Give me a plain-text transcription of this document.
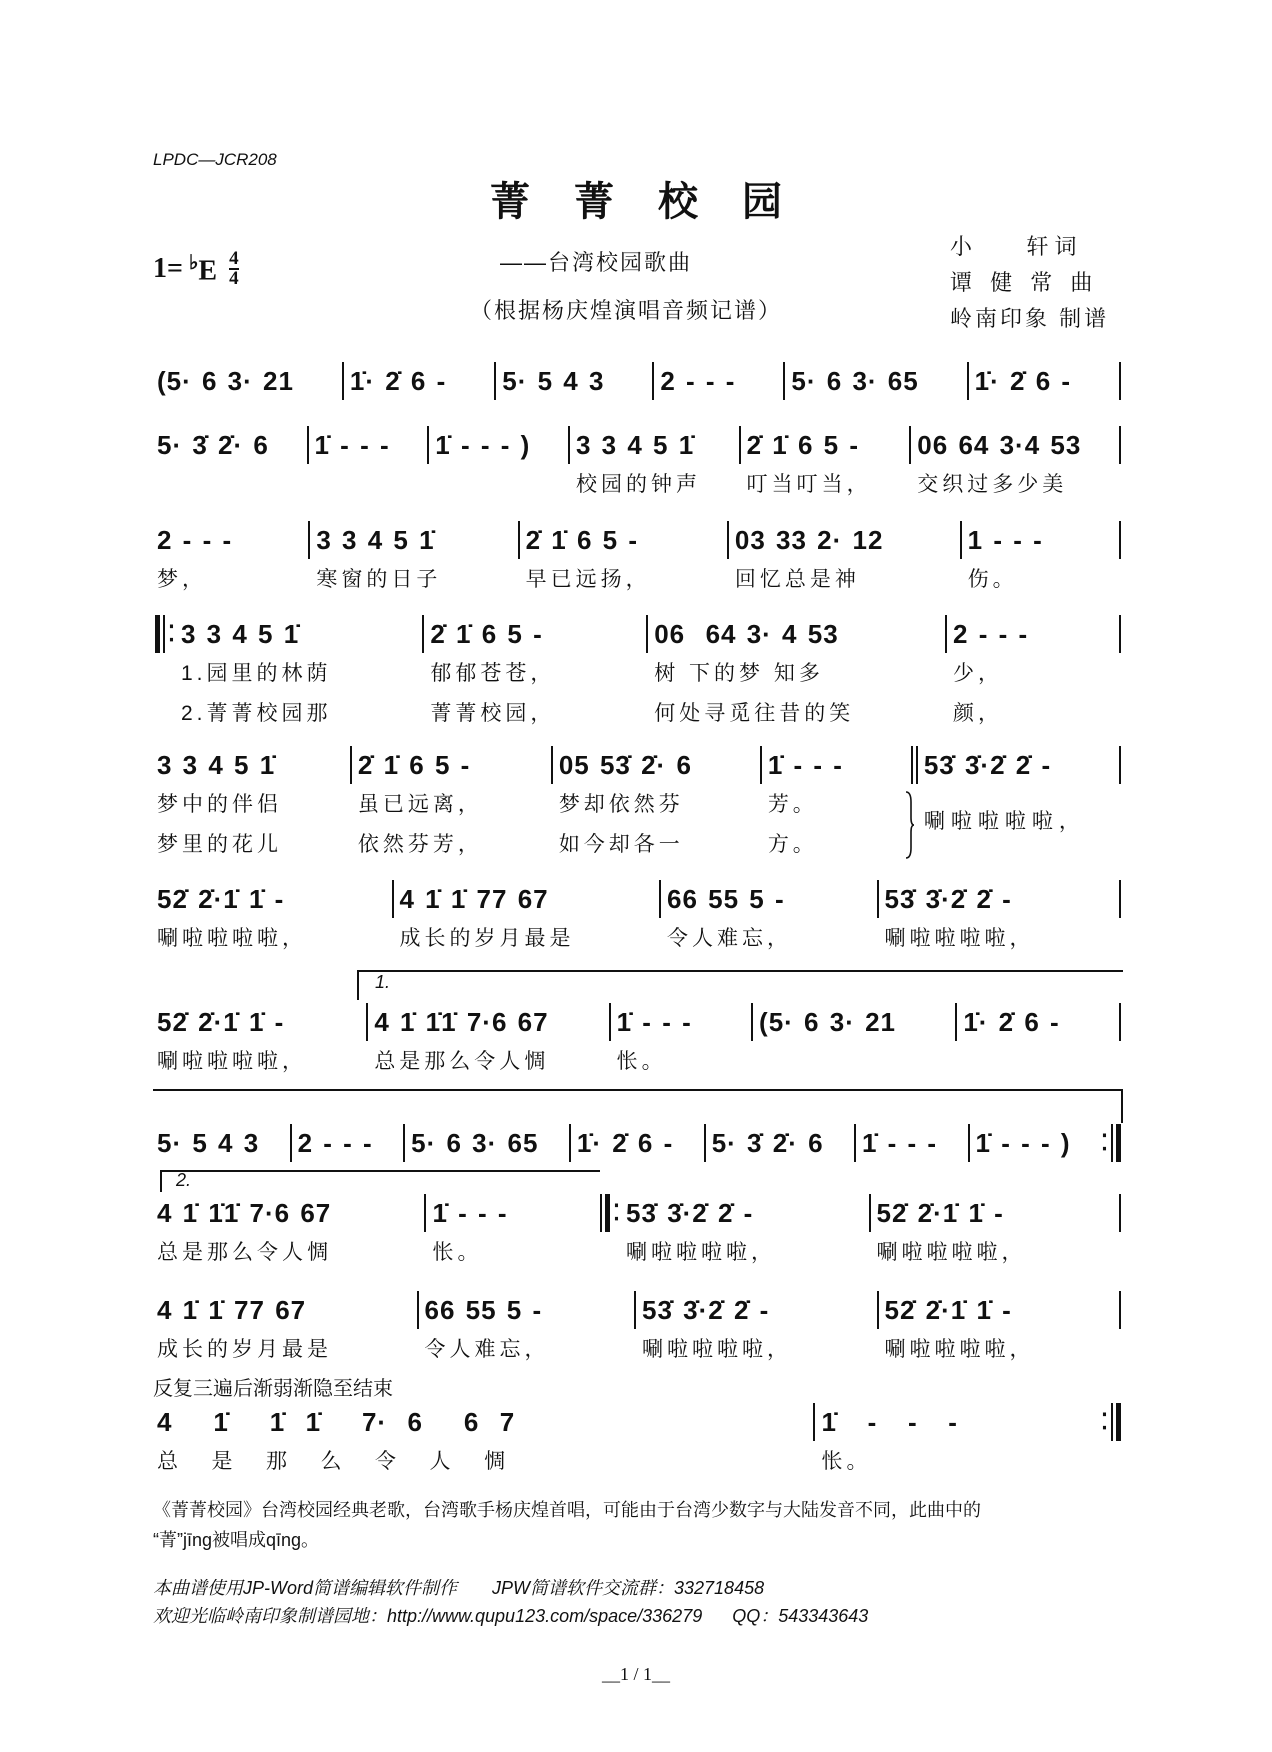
LPDC—JCR208
菁菁校园
$1= ^♭E \frac{4}{4}$	——台湾校园歌曲
（根据杨庆煌演唱音频记谱）
小    轩词
谭 健 常 曲
岭南印象 制谱
(5· 6 3· 21	1̇· 2̇ 6 -	5· 5 4 3	2 - - -	5· 6 3· 65	1̇· 2̇ 6 -
5· 3̇ 2̇· 6	1̇ - - -	1̇ - - - )	3 3 4 5 1̇
校园的钟声
2̇ 1̇ 6 5 -
叮当叮当，
06 64 3·4 53
交织过多少美
2 - - -
梦，
3 3 4 5 1̇
寒窗的日子
2̇ 1̇ 6 5 -
早已远扬，
03 33 2· 12
回忆总是神
1 - - -
伤。
⁚ 3 3 4 5 1̇
1.园里的林荫
2.菁菁校园那
2̇ 1̇ 6 5 -
郁郁苍苍，
菁菁校园，
06  64 3· 4 53
树 下的梦 知多
何处寻觅往昔的笑
2 - - -
少，
颜，
3 3 4 5 1̇
梦中的伴侣
梦里的花儿
2̇ 1̇ 6 5 -
虽已远离，
依然芬芳，
05 53̇ 2̇· 6
梦却依然芬
如今却各一
1̇ - - -
芳。
方。
53̇ 3̇·2̇ 2̇ -
唰啦啦啦啦，
52̇ 2̇·1̇ 1̇ -
唰啦啦啦啦，
4 1̇ 1̇ 77 67
成长的岁月最是
66 55 5 -
令人难忘，
53̇ 3̇·2̇ 2̇ -
唰啦啦啦啦，
52̇ 2̇·1̇ 1̇ -
唰啦啦啦啦，
4 1̇ 1̇1̇ 7·6 67
总是那么令人惆
1̇ - - -
怅。
(5· 6 3· 21	1̇· 2̇ 6 -
5· 5 4 3	2 - - -	5· 6 3· 65	1̇· 2̇ 6 -	5· 3̇ 2̇· 6	1̇ - - -	1̇ - - - )	⁚
4 1̇ 1̇1̇ 7·6 67
总是那么令人惆
1̇ - - -
怅。
⁚ 53̇ 3̇·2̇ 2̇ -
唰啦啦啦啦，
52̇ 2̇·1̇ 1̇ -
唰啦啦啦啦，
4 1̇ 1̇ 77 67
成长的岁月最是
66 55 5 -
令人难忘，
53̇ 3̇·2̇ 2̇ -
唰啦啦啦啦，
52̇ 2̇·1̇ 1̇ -
唰啦啦啦啦，
4    1̇    1̇  1̇    7·  6    6  7
总   是   那   么   令   人   惆
1̇   -   -   -
怅。
⁚
1.
2.
反复三遍后渐弱渐隐至结束
《菁菁校园》台湾校园经典老歌，台湾歌手杨庆煌首唱，可能由于台湾少数字与大陆发音不同，此曲中的
“菁”jīng被唱成qīng。
本曲谱使用JP-Word简谱编辑软件制作       JPW简谱软件交流群：332718458
欢迎光临岭南印象制谱园地：http://www.qupu123.com/space/336279      QQ：543343643
__1 / 1__
